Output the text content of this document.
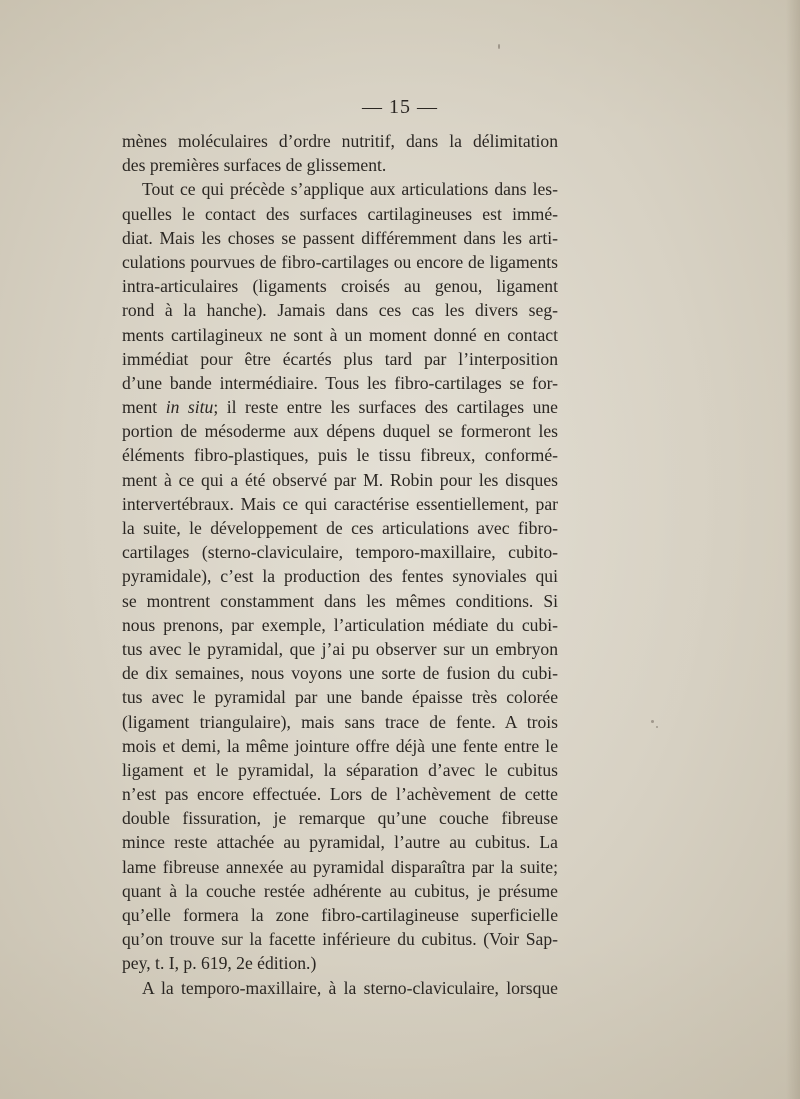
— 15 —
mènes moléculaires d’ordre nutritif, dans la délimitation
des premières surfaces de glissement.
Tout ce qui précède s’applique aux articulations dans les-
quelles le contact des surfaces cartilagineuses est immé-
diat. Mais les choses se passent différemment dans les arti-
culations pourvues de fibro-cartilages ou encore de ligaments
intra-articulaires (ligaments croisés au genou, ligament
rond à la hanche). Jamais dans ces cas les divers seg-
ments cartilagineux ne sont à un moment donné en contact
immédiat pour être écartés plus tard par l’interposition
d’une bande intermédiaire. Tous les fibro-cartilages se for-
ment in situ; il reste entre les surfaces des cartilages une
portion de mésoderme aux dépens duquel se formeront les
éléments fibro-plastiques, puis le tissu fibreux, conformé-
ment à ce qui a été observé par M. Robin pour les disques
intervertébraux. Mais ce qui caractérise essentiellement, par
la suite, le développement de ces articulations avec fibro-
cartilages (sterno-claviculaire, temporo-maxillaire, cubito-
pyramidale), c’est la production des fentes synoviales qui
se montrent constamment dans les mêmes conditions. Si
nous prenons, par exemple, l’articulation médiate du cubi-
tus avec le pyramidal, que j’ai pu observer sur un embryon
de dix semaines, nous voyons une sorte de fusion du cubi-
tus avec le pyramidal par une bande épaisse très colorée
(ligament triangulaire), mais sans trace de fente. A trois
mois et demi, la même jointure offre déjà une fente entre le
ligament et le pyramidal, la séparation d’avec le cubitus
n’est pas encore effectuée. Lors de l’achèvement de cette
double fissuration, je remarque qu’une couche fibreuse
mince reste attachée au pyramidal, l’autre au cubitus. La
lame fibreuse annexée au pyramidal disparaîtra par la suite;
quant à la couche restée adhérente au cubitus, je présume
qu’elle formera la zone fibro-cartilagineuse superficielle
qu’on trouve sur la facette inférieure du cubitus. (Voir Sap-
pey, t. I, p. 619, 2e édition.)
A la temporo-maxillaire, à la sterno-claviculaire, lorsque
